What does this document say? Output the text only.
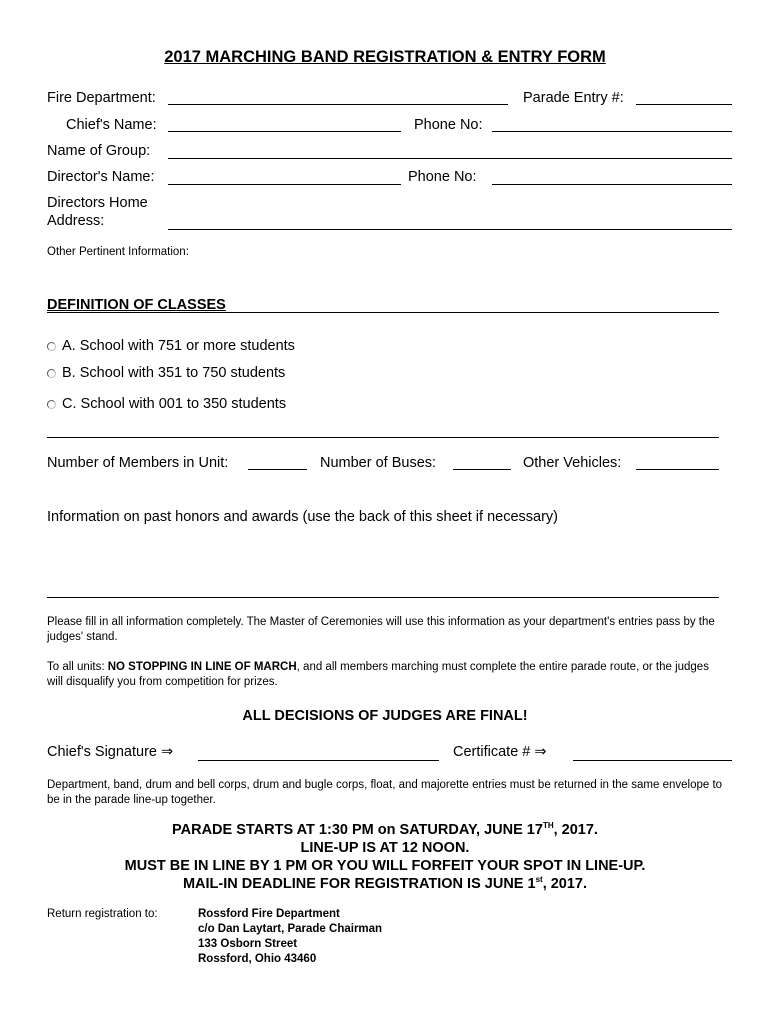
2017 MARCHING BAND REGISTRATION & ENTRY FORM
Fire Department:	Parade Entry #:
Chief's Name:	Phone No:
Name of Group:
Director's Name:	Phone No:
Directors Home
Address:
Other Pertinent Information:
DEFINITION OF CLASSES
A. School with 751 or more students
B. School with 351 to 750 students
C. School with 001 to 350 students
Number of Members in Unit:	Number of Buses:	Other Vehicles:
Information on past honors and awards (use the back of this sheet if necessary)
Please fill in all information completely. The Master of Ceremonies will use this information as your department's entries pass by the judges' stand.
To all units: NO STOPPING IN LINE OF MARCH, and all members marching must complete the entire parade route, or the judges will disqualify you from competition for prizes.
ALL DECISIONS OF JUDGES ARE FINAL!
Chief's Signature ⇒	Certificate # ⇒
Department, band, drum and bell corps, drum and bugle corps, float, and majorette entries must be returned in the same envelope to be in the parade line-up together.
PARADE STARTS AT 1:30 PM on SATURDAY, JUNE 17TH, 2017.
LINE-UP IS AT 12 NOON.
MUST BE IN LINE BY 1 PM OR YOU WILL FORFEIT YOUR SPOT IN LINE-UP.
MAIL-IN DEADLINE FOR REGISTRATION IS JUNE 1st, 2017.
Return registration to:	Rossford Fire Department
c/o Dan Laytart, Parade Chairman
133 Osborn Street
Rossford, Ohio 43460
